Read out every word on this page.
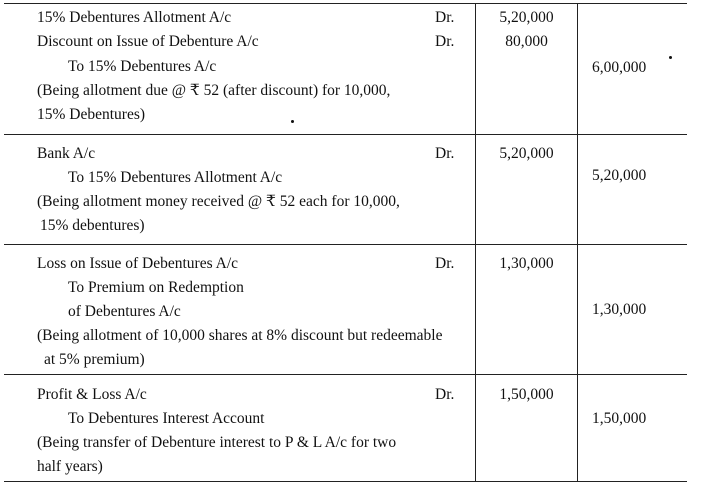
15% Debentures Allotment A/c	Dr.	5,20,000
Discount on Issue of Debenture A/c	Dr.	80,000
To 15% Debentures A/c	6,00,000
(Being allotment due @ ₹ 52 (after discount) for 10,000,
15% Debentures)
Bank A/c	Dr.	5,20,000
To 15% Debentures Allotment A/c	5,20,000
(Being allotment money received @ ₹ 52 each for 10,000,
15% debentures)
Loss on Issue of Debentures A/c	Dr.	1,30,000
To Premium on Redemption
of Debentures A/c	1,30,000
(Being allotment of 10,000 shares at 8% discount but redeemable
at 5% premium)
Profit & Loss A/c	Dr.	1,50,000
To Debentures Interest Account	1,50,000
(Being transfer of Debenture interest to P & L A/c for two
half years)
